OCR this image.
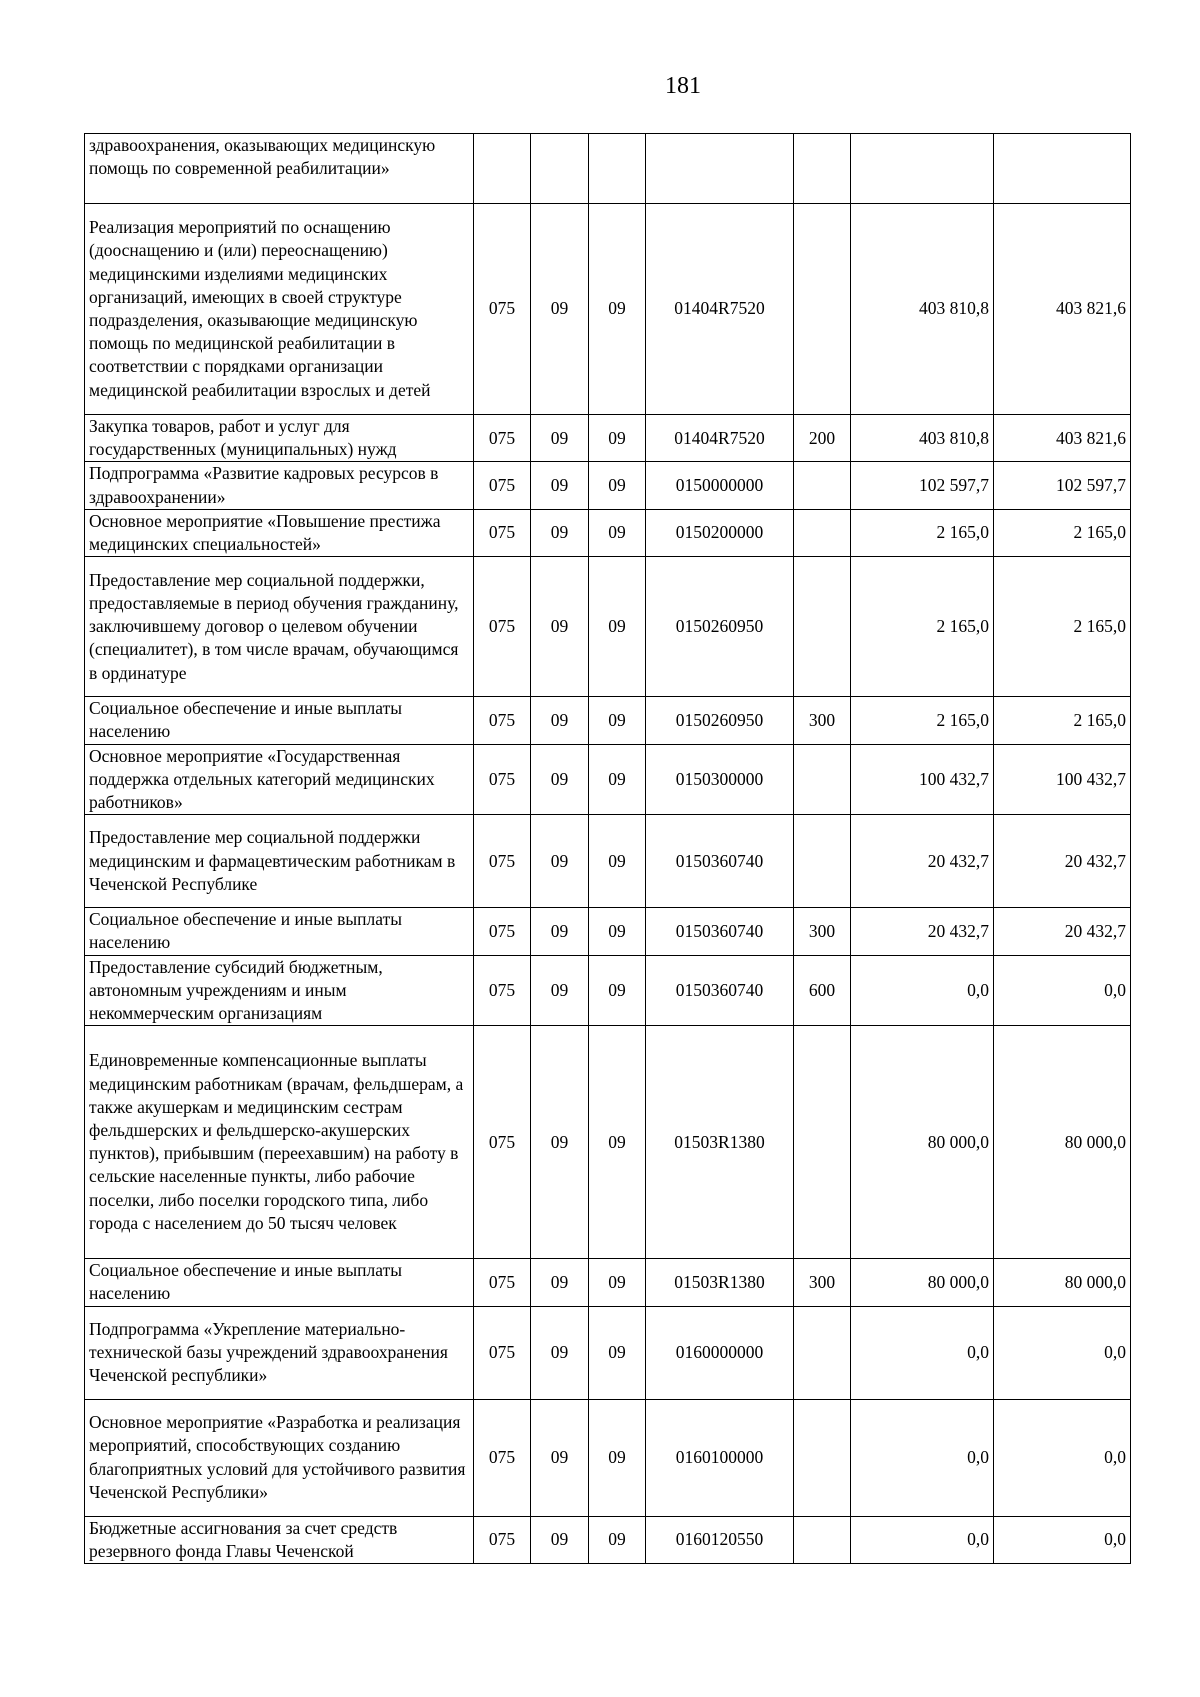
181
здравоохранения, оказывающих медицинскую помощь по современной реабилитации»							
Реализация мероприятий по оснащению (дооснащению и (или) переоснащению) медицинскими изделиями медицинских организаций, имеющих в своей структуре подразделения, оказывающие медицинскую помощь по медицинской реабилитации в соответствии с порядками организации медицинской реабилитации взрослых и детей	075	09	09	01404R7520		403 810,8	403 821,6
Закупка товаров, работ и услуг для государственных (муниципальных) нужд	075	09	09	01404R7520	200	403 810,8	403 821,6
Подпрограмма «Развитие кадровых ресурсов в здравоохранении»	075	09	09	0150000000		102 597,7	102 597,7
Основное мероприятие «Повышение престижа медицинских специальностей»	075	09	09	0150200000		2 165,0	2 165,0
Предоставление мер социальной поддержки, предоставляемые в период обучения гражданину, заключившему договор о целевом обучении (специалитет), в том числе врачам, обучающимся в ординатуре	075	09	09	0150260950		2 165,0	2 165,0
Социальное обеспечение и иные выплаты населению	075	09	09	0150260950	300	2 165,0	2 165,0
Основное мероприятие «Государственная поддержка отдельных категорий медицинских работников»	075	09	09	0150300000		100 432,7	100 432,7
Предоставление мер социальной поддержки медицинским и фармацевтическим работникам в Чеченской Республике	075	09	09	0150360740		20 432,7	20 432,7
Социальное обеспечение и иные выплаты населению	075	09	09	0150360740	300	20 432,7	20 432,7
Предоставление субсидий бюджетным, автономным учреждениям и иным некоммерческим организациям	075	09	09	0150360740	600	0,0	0,0
Единовременные компенсационные выплаты медицинским работникам (врачам, фельдшерам, а также акушеркам и медицинским сестрам фельдшерских и фельдшерско-акушерских пунктов), прибывшим (переехавшим) на работу в сельские населенные пункты, либо рабочие поселки, либо поселки городского типа, либо города с населением до 50 тысяч человек	075	09	09	01503R1380		80 000,0	80 000,0
Социальное обеспечение и иные выплаты населению	075	09	09	01503R1380	300	80 000,0	80 000,0
Подпрограмма «Укрепление материально-технической базы учреждений здравоохранения Чеченской республики»	075	09	09	0160000000		0,0	0,0
Основное мероприятие «Разработка и реализация мероприятий, способствующих созданию благоприятных условий для устойчивого развития Чеченской Республики»	075	09	09	0160100000		0,0	0,0
Бюджетные ассигнования за счет средств резервного фонда Главы Чеченской	075	09	09	0160120550		0,0	0,0
